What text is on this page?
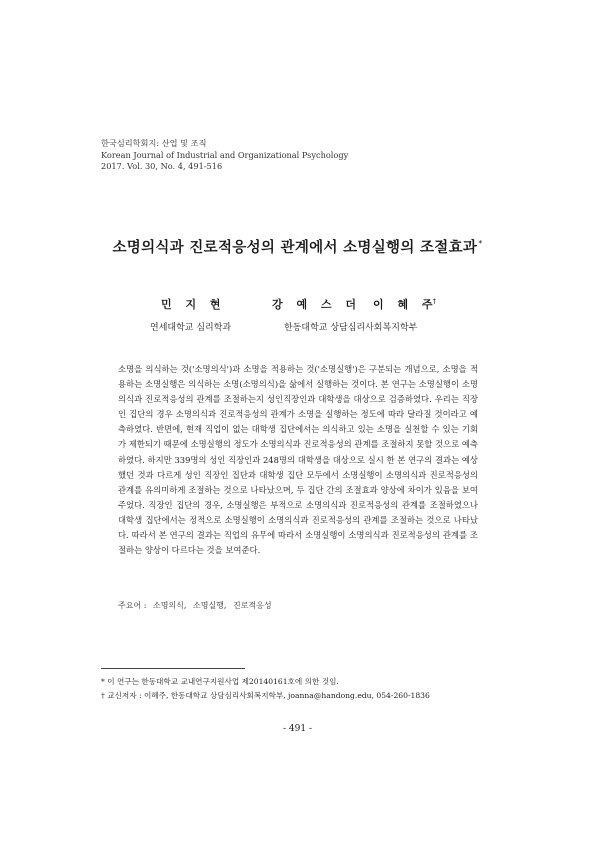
한국심리학회지: 산업 및 조직
Korean Journal of Industrial and Organizational Psychology
2017. Vol. 30, No. 4, 491-516
소명의식과 진로적응성의 관계에서 소명실행의 조절효과*
민 지 현	강 예 스 더 이 혜 주†
연세대학교 심리학과	한동대학교 상담심리사회복지학부
소명을 의식하는 것('소명의식')과 소명을 적용하는 것('소명실행')은 구분되는 개념으로, 소명을 적용하는 소명실행은 의식하는 소명(소명의식)을 삶에서 실행하는 것이다. 본 연구는 소명실행이 소명의식과 진로적응성의 관계를 조절하는지 성인직장인과 대학생을 대상으로 검증하였다. 우리는 직장인 집단의 경우 소명의식과 진로적응성의 관계가 소명을 실행하는 정도에 따라 달라질 것이라고 예측하였다. 반면에, 현재 직업이 없는 대학생 집단에서는 의식하고 있는 소명을 실천할 수 있는 기회가 제한되기 때문에 소명실행의 정도가 소명의식과 진로적응성의 관계를 조절하지 못할 것으로 예측하였다. 하지만 339명의 성인 직장인과 248명의 대학생을 대상으로 실시 한 본 연구의 결과는 예상했던 것과 다르게 성인 직장인 집단과 대학생 집단 모두에서 소명실행이 소명의식과 진로적응성의 관계를 유의미하게 조절하는 것으로 나타났으며, 두 집단 간의 조절효과 양상에 차이가 있음을 보여주었다. 직장인 집단의 경우, 소명실행은 부적으로 소명의식과 진로적응성의 관계를 조절하였으나 대학생 집단에서는 정적으로 소명실행이 소명의식과 진로적응성의 관계를 조절하는 것으로 나타났다. 따라서 본 연구의 결과는 직업의 유무에 따라서 소명실행이 소명의식과 진로적응성의 관계를 조절하는 양상이 다르다는 것을 보여준다.
주요어 : 소명의식, 소명실행, 진로적응성
* 이 연구는 한동대학교 교내연구지원사업 제20140161호에 의한 것임.
† 교신저자 : 이혜주, 한동대학교 상담심리사회복지학부, joanna@handong.edu, 054-260-1836
- 491 -
